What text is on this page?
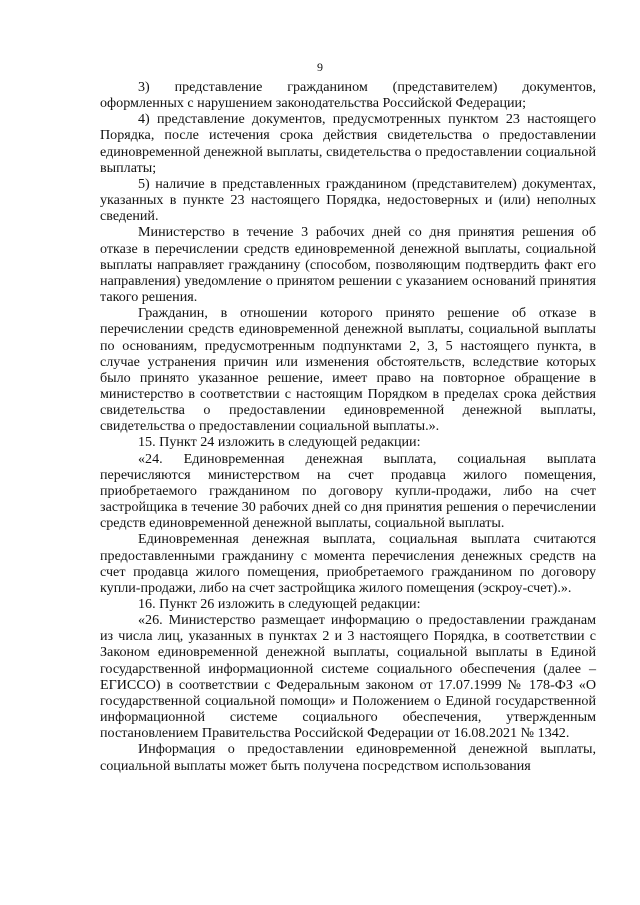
9

3) представление гражданином (представителем) документов, оформленных с нарушением законодательства Российской Федерации;

4) представление документов, предусмотренных пунктом 23 настоящего Порядка, после истечения срока действия свидетельства о предоставлении единовременной денежной выплаты, свидетельства о предоставлении социальной выплаты;

5) наличие в представленных гражданином (представителем) документах, указанных в пункте 23 настоящего Порядка, недостоверных и (или) неполных сведений.

Министерство в течение 3 рабочих дней со дня принятия решения об отказе в перечислении средств единовременной денежной выплаты, социальной выплаты направляет гражданину (способом, позволяющим подтвердить факт его направления) уведомление о принятом решении с указанием оснований принятия такого решения.

Гражданин, в отношении которого принято решение об отказе в перечислении средств единовременной денежной выплаты, социальной выплаты по основаниям, предусмотренным подпунктами 2, 3, 5 настоящего пункта, в случае устранения причин или изменения обстоятельств, вследствие которых было принято указанное решение, имеет право на повторное обращение в министерство в соответствии с настоящим Порядком в пределах срока действия свидетельства о предоставлении единовременной денежной выплаты, свидетельства о предоставлении социальной выплаты.».

15. Пункт 24 изложить в следующей редакции:

«24. Единовременная денежная выплата, социальная выплата перечисляются министерством на счет продавца жилого помещения, приобретаемого гражданином по договору купли-продажи, либо на счет застройщика в течение 30 рабочих дней со дня принятия решения о перечислении средств единовременной денежной выплаты, социальной выплаты.

Единовременная денежная выплата, социальная выплата считаются предоставленными гражданину с момента перечисления денежных средств на счет продавца жилого помещения, приобретаемого гражданином по договору купли-продажи, либо на счет застройщика жилого помещения (эскроу-счет).».

16. Пункт 26 изложить в следующей редакции:

«26. Министерство размещает информацию о предоставлении гражданам из числа лиц, указанных в пунктах 2 и 3 настоящего Порядка, в соответствии с Законом единовременной денежной выплаты, социальной выплаты в Единой государственной информационной системе социального обеспечения (далее – ЕГИССО) в соответствии с Федеральным законом от 17.07.1999 № 178-ФЗ «О государственной социальной помощи» и Положением о Единой государственной информационной системе социального обеспечения, утвержденным постановлением Правительства Российской Федерации от 16.08.2021 № 1342.

Информация о предоставлении единовременной денежной выплаты, социальной выплаты может быть получена посредством использования
